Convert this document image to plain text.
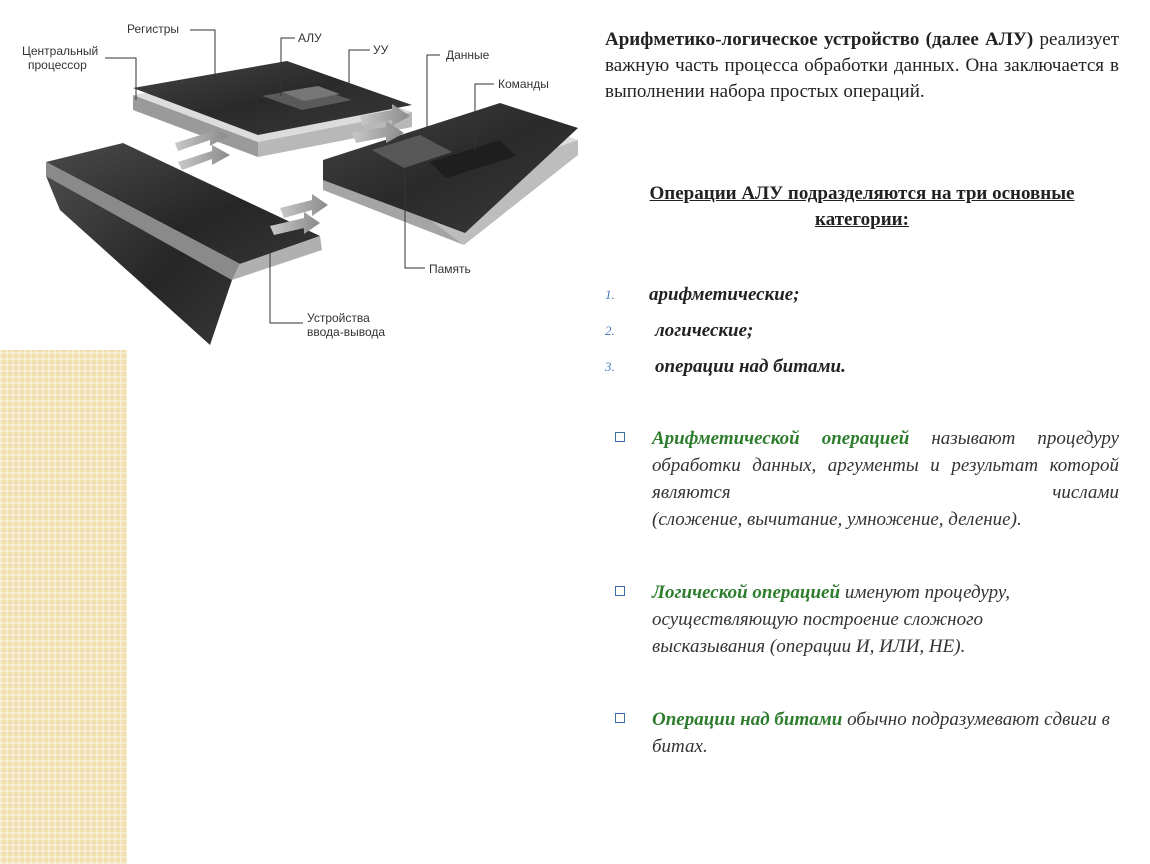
Центральный
процессор
Регистры
АЛУ
УУ	Данные
Команды
Память
Устройства
ввода-вывода
Арифметико-логическое устройство (далее АЛУ) реализует важную часть процесса обработки данных. Она заключается в выполнении набора простых операций.
Операции АЛУ подразделяются на три основные
категории:
1. арифметические;
2. логические;
3. операции над битами.
Арифметической операцией называют процедуру обработки данных, аргументы и результат которой являются числами
(сложение, вычитание, умножение, деление).
Логической операцией именуют процедуру, осуществляющую построение сложного высказывания (операции И, ИЛИ, НЕ).
Операции над битами обычно подразумевают сдвиги в битах.
